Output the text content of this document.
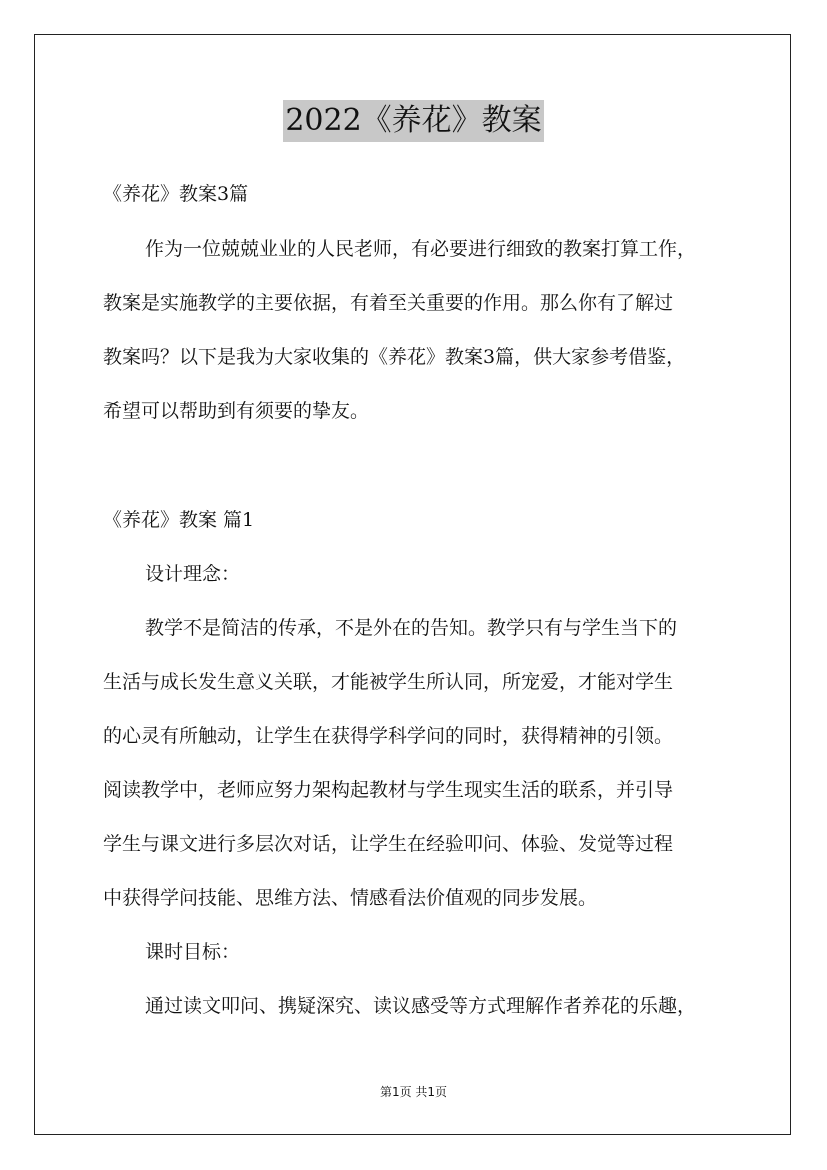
2022《养花》教案
《养花》教案3篇
作为一位兢兢业业的人民老师，有必要进行细致的教案打算工作，
教案是实施教学的主要依据，有着至关重要的作用。那么你有了解过
教案吗？以下是我为大家收集的《养花》教案3篇，供大家参考借鉴，
希望可以帮助到有须要的挚友。
《养花》教案 篇1
设计理念：
教学不是简洁的传承，不是外在的告知。教学只有与学生当下的
生活与成长发生意义关联，才能被学生所认同，所宠爱，才能对学生
的心灵有所触动，让学生在获得学科学问的同时，获得精神的引领。
阅读教学中，老师应努力架构起教材与学生现实生活的联系，并引导
学生与课文进行多层次对话，让学生在经验叩问、体验、发觉等过程
中获得学问技能、思维方法、情感看法价值观的同步发展。
课时目标：
通过读文叩问、携疑深究、读议感受等方式理解作者养花的乐趣，
第1页 共1页
